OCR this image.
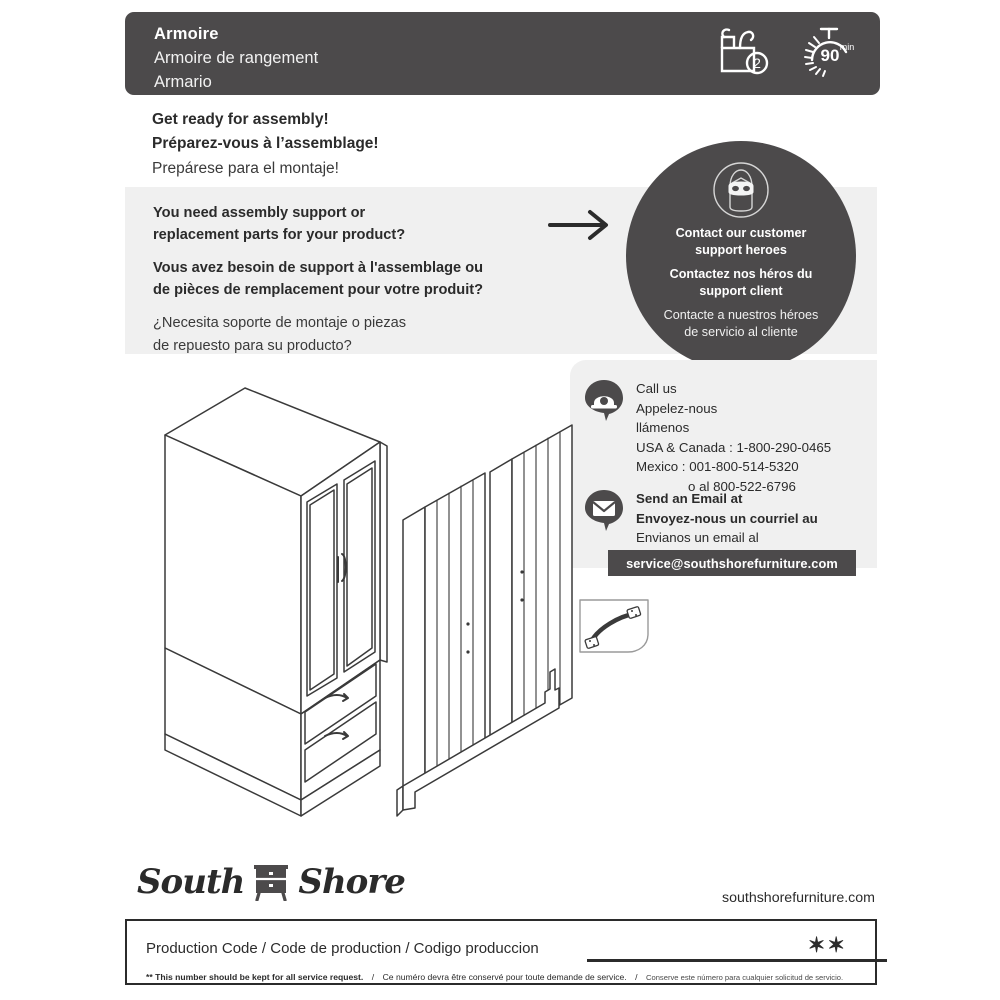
Armoire
Armoire de rangement
Armario
2	90 min
Get ready for assembly!
Préparez-vous à l’assemblage!
Prepárese para el montaje!
You need assembly support or
replacement parts for your product?
Vous avez besoin de support à l'assemblage ou
de pièces de remplacement pour votre produit?
¿Necesita soporte de montaje o piezas
de repuesto para su producto?
Contact our customer
support heroes
Contactez nos héros du
support client
Contacte a nuestros héroes
de servicio al cliente
Call us
Appelez-nous
llámenos
USA & Canada : 1-800-290-0465
Mexico : 001-800-514-5320
o al 800-522-6796
Send an Email at
Envoyez-nous un courriel au
Envianos un email al
service@southshorefurniture.com
South Shore	southshorefurniture.com
Production Code / Code de production / Codigo produccion	✶✶
** This number should be kept for all service request. / Ce numéro devra être conservé pour toute demande de service. / Conserve este número para cualquier solicitud de servicio.
